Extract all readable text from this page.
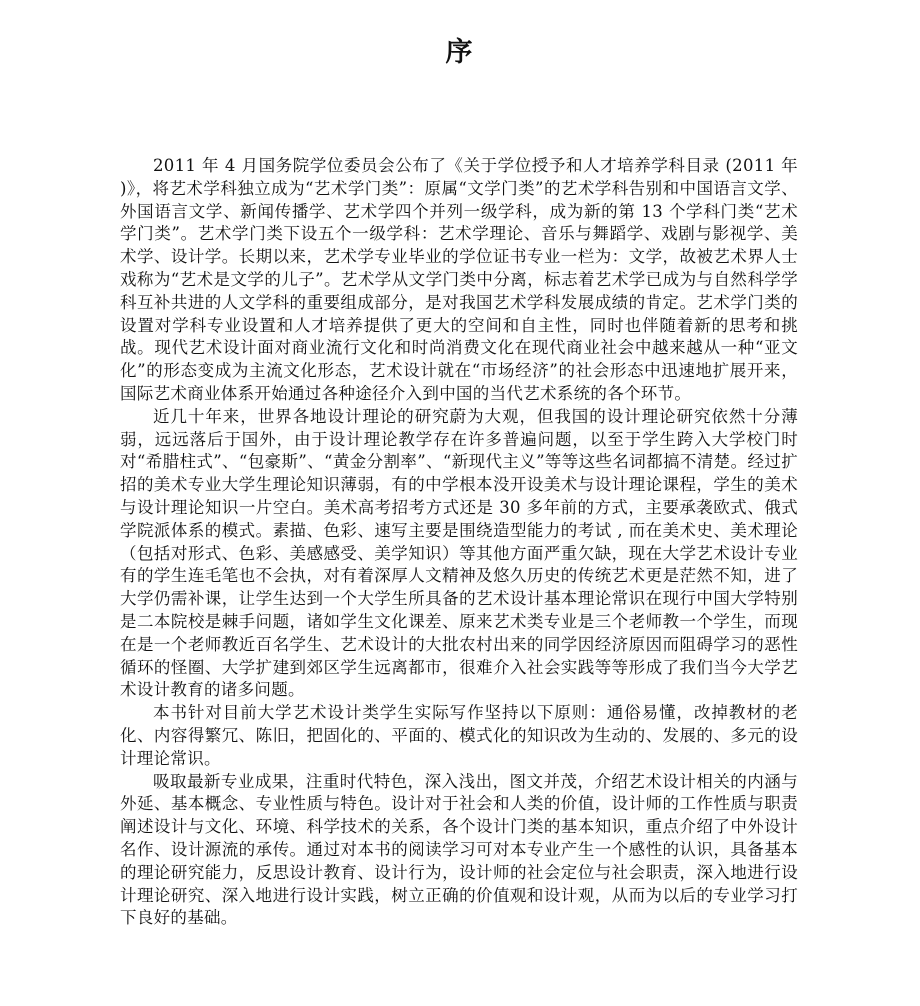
序

2011 年 4 月国务院学位委员会公布了《关于学位授予和人才培养学科目录 (2011 年 )》，将艺术学科独立成为“艺术学门类”：原属“文学门类”的艺术学科告别和中国语言文学、外国语言文学、新闻传播学、艺术学四个并列一级学科，成为新的第 13 个学科门类“艺术学门类”。艺术学门类下设五个一级学科：艺术学理论、音乐与舞蹈学、戏剧与影视学、美术学、设计学。长期以来，艺术学专业毕业的学位证书专业一栏为：文学，故被艺术界人士戏称为“艺术是文学的儿子”。艺术学从文学门类中分离，标志着艺术学已成为与自然科学学科互补共进的人文学科的重要组成部分，是对我国艺术学科发展成绩的肯定。艺术学门类的设置对学科专业设置和人才培养提供了更大的空间和自主性，同时也伴随着新的思考和挑战。现代艺术设计面对商业流行文化和时尚消费文化在现代商业社会中越来越从一种“亚文化”的形态变成为主流文化形态，艺术设计就在“市场经济”的社会形态中迅速地扩展开来，国际艺术商业体系开始通过各种途径介入到中国的当代艺术系统的各个环节。

近几十年来，世界各地设计理论的研究蔚为大观，但我国的设计理论研究依然十分薄弱，远远落后于国外，由于设计理论教学存在许多普遍问题，以至于学生跨入大学校门时对“希腊柱式”、“包豪斯”、“黄金分割率”、“新现代主义”等等这些名词都搞不清楚。经过扩招的美术专业大学生理论知识薄弱，有的中学根本没开设美术与设计理论课程，学生的美术与设计理论知识一片空白。美术高考招考方式还是 30 多年前的方式，主要承袭欧式、俄式学院派体系的模式。素描、色彩、速写主要是围绕造型能力的考试 , 而在美术史、美术理论（包括对形式、色彩、美感感受、美学知识）等其他方面严重欠缺，现在大学艺术设计专业有的学生连毛笔也不会执，对有着深厚人文精神及悠久历史的传统艺术更是茫然不知，进了大学仍需补课，让学生达到一个大学生所具备的艺术设计基本理论常识在现行中国大学特别是二本院校是棘手问题，诸如学生文化课差、原来艺术类专业是三个老师教一个学生，而现在是一个老师教近百名学生、艺术设计的大批农村出来的同学因经济原因而阻碍学习的恶性循环的怪圈、大学扩建到郊区学生远离都市，很难介入社会实践等等形成了我们当今大学艺术设计教育的诸多问题。

本书针对目前大学艺术设计类学生实际写作坚持以下原则：通俗易懂，改掉教材的老化、内容得繁冗、陈旧，把固化的、平面的、模式化的知识改为生动的、发展的、多元的设计理论常识。

吸取最新专业成果，注重时代特色，深入浅出，图文并茂，介绍艺术设计相关的内涵与外延、基本概念、专业性质与特色。设计对于社会和人类的价值，设计师的工作性质与职责阐述设计与文化、环境、科学技术的关系，各个设计门类的基本知识，重点介绍了中外设计名作、设计源流的承传。通过对本书的阅读学习可对本专业产生一个感性的认识，具备基本的理论研究能力，反思设计教育、设计行为，设计师的社会定位与社会职责，深入地进行设计理论研究、深入地进行设计实践，树立正确的价值观和设计观，从而为以后的专业学习打下良好的基础。
